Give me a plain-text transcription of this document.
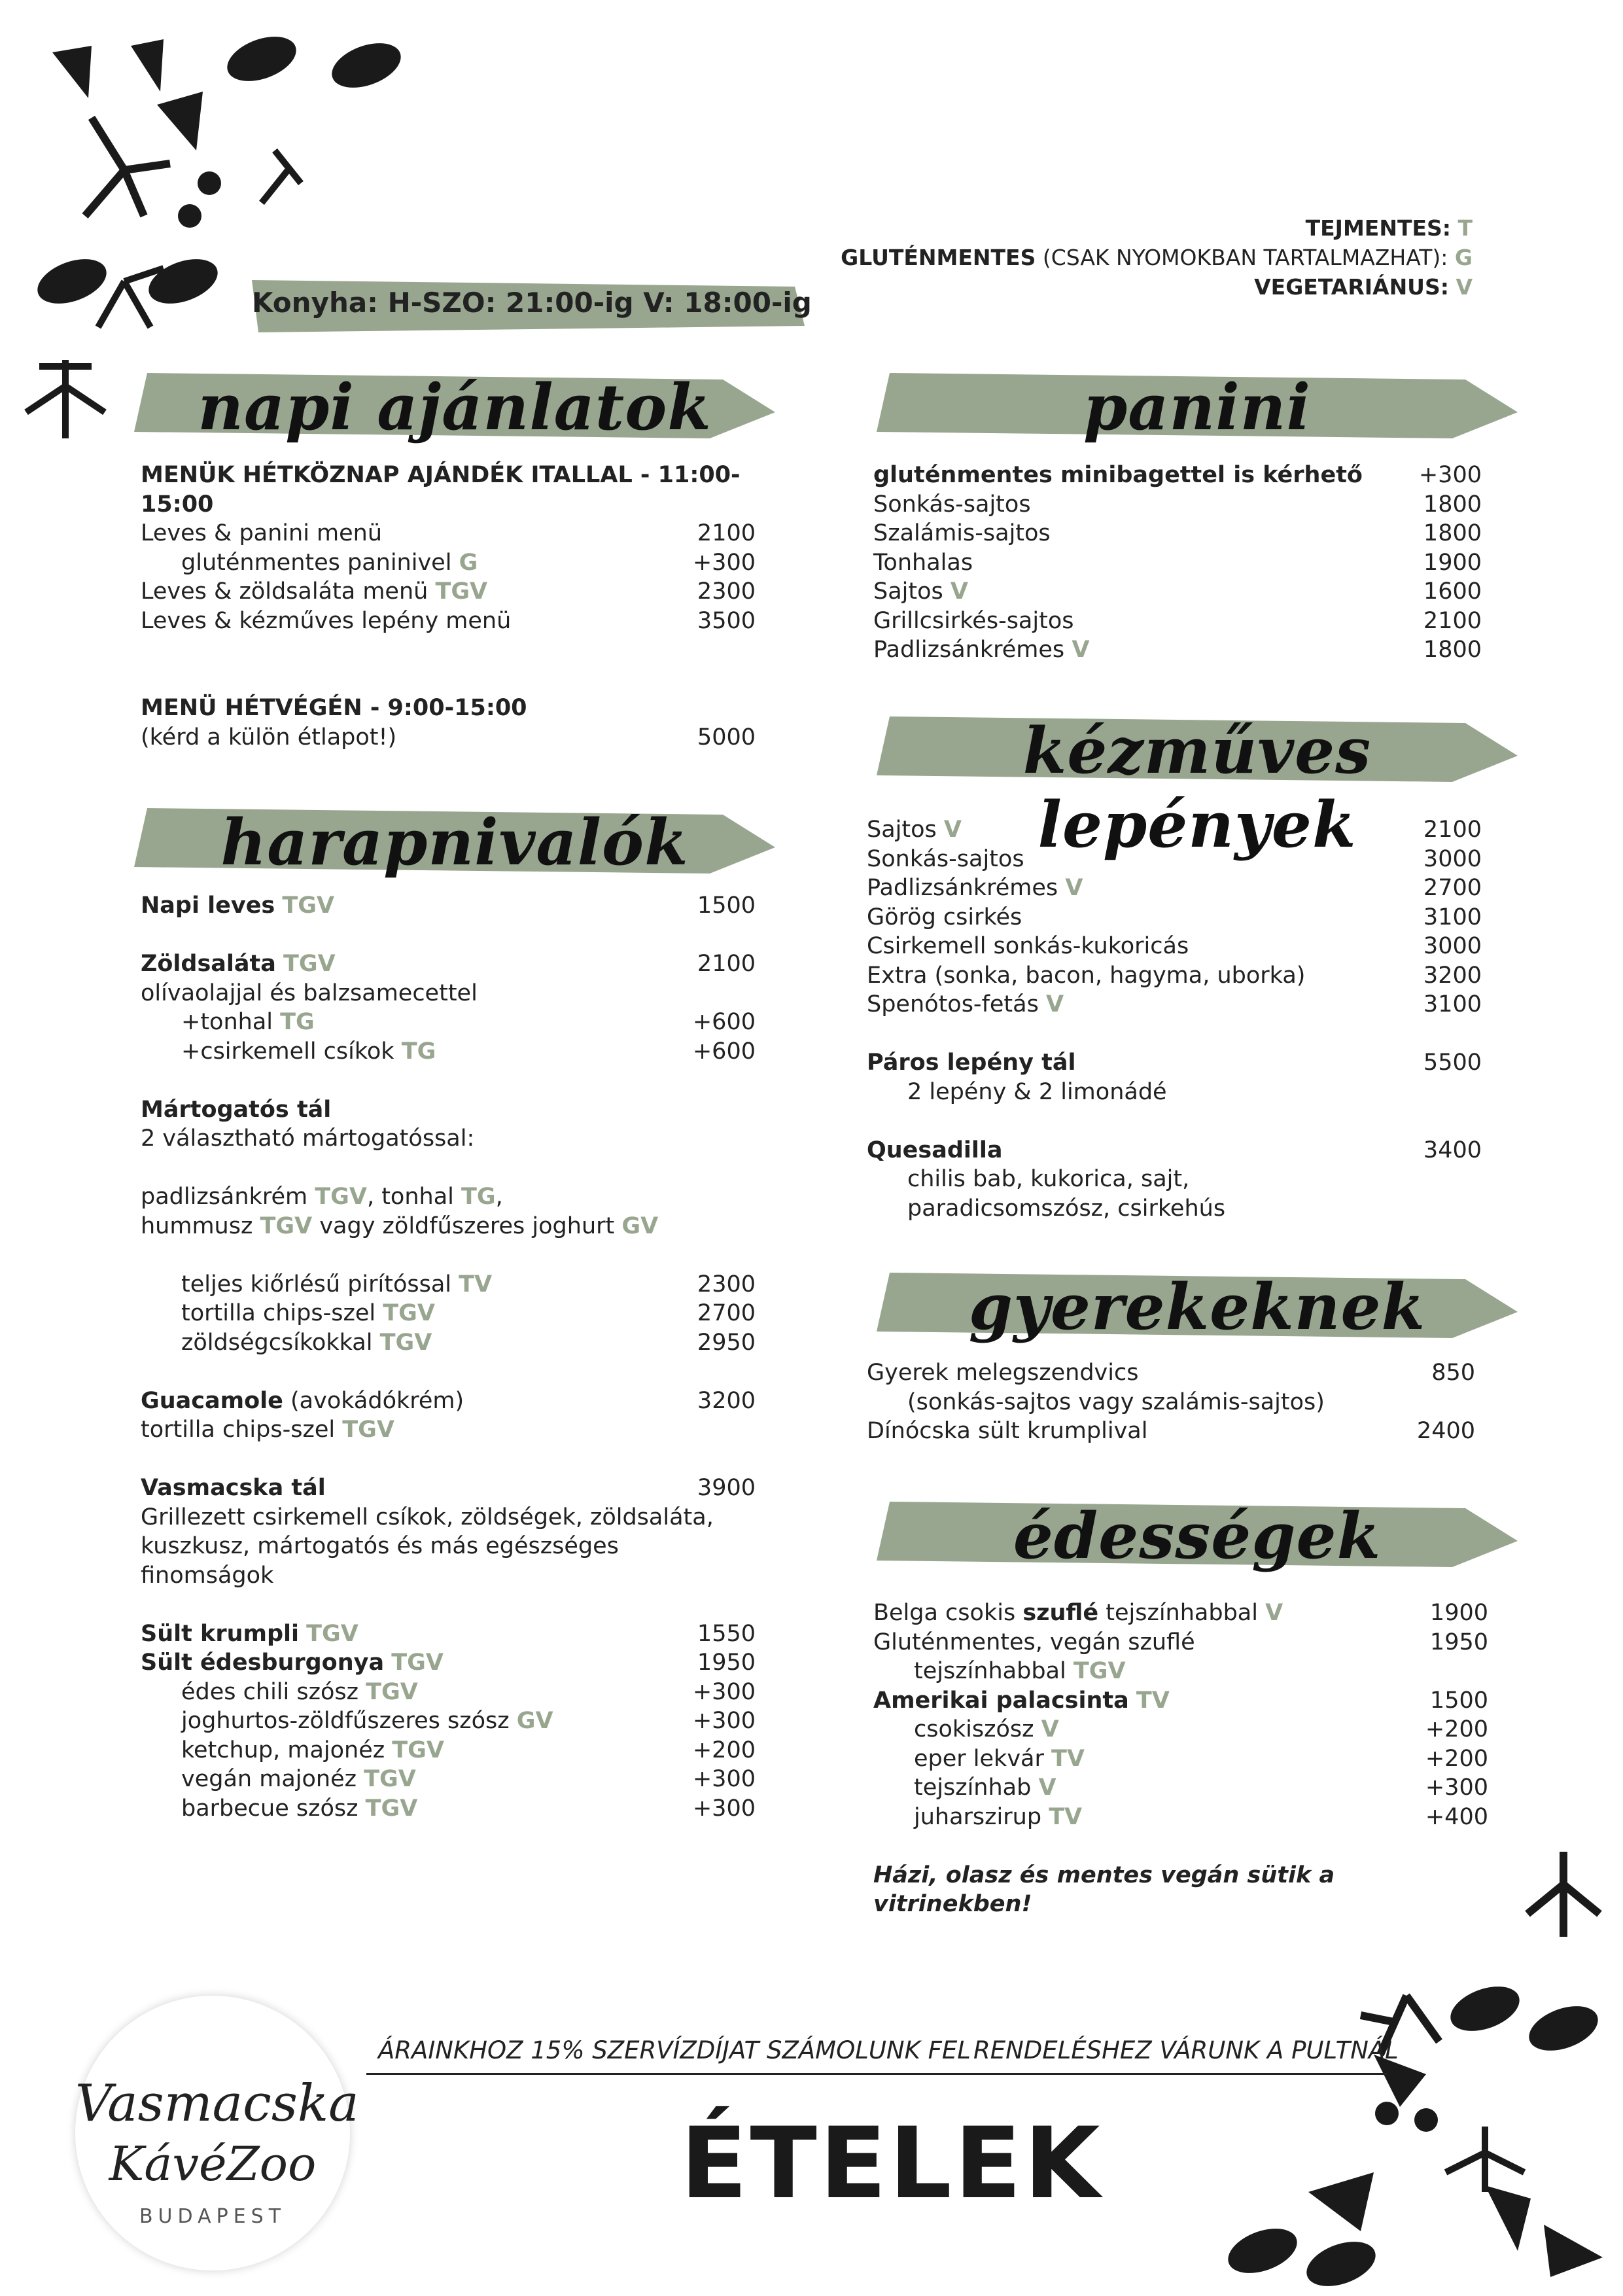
TEJMENTES: T
GLUTÉNMENTES (CSAK NYOMOKBAN TARTALMAZHAT): G
VEGETARIÁNUS: V
Konyha: H-SZO: 21:00-ig V: 18:00-ig
napi ajánlatok
harapnivalók
panini
kézműves lepények
gyerekeknek
édességek
MENÜK HÉTKÖZNAP AJÁNDÉK ITALLAL - 11:00-15:00
Leves & panini menü	2100
gluténmentes paninivel G	+300
Leves & zöldsaláta menü TGV	2300
Leves & kézműves lepény menü	3500
MENÜ HÉTVÉGÉN - 9:00-15:00
(kérd a külön étlapot!)	5000
Napi leves TGV	1500
Zöldsaláta TGV	2100
olívaolajjal és balzsamecettel
+tonhal TG	+600
+csirkemell csíkok TG	+600
Mártogatós tál
2 választható mártogatóssal:
padlizsánkrém TGV, tonhal TG,
hummusz TGV vagy zöldfűszeres joghurt GV
teljes kiőrlésű pirítóssal TV	2300
tortilla chips-szel TGV	2700
zöldségcsíkokkal TGV	2950
Guacamole (avokádókrém)	3200
tortilla chips-szel TGV
Vasmacska tál	3900
Grillezett csirkemell csíkok, zöldségek, zöldsaláta,
kuszkusz, mártogatós és más egészséges
finomságok
Sült krumpli TGV	1550
Sült édesburgonya TGV	1950
édes chili szósz TGV	+300
joghurtos-zöldfűszeres szósz GV	+300
ketchup, majonéz TGV	+200
vegán majonéz TGV	+300
barbecue szósz TGV	+300
gluténmentes minibagettel is kérhető +300
Sonkás-sajtos	1800
Szalámis-sajtos	1800
Tonhalas	1900
Sajtos V	1600
Grillcsirkés-sajtos	2100
Padlizsánkrémes V	1800
Sajtos V	2100
Sonkás-sajtos	3000
Padlizsánkrémes V	2700
Görög csirkés	3100
Csirkemell sonkás-kukoricás	3000
Extra (sonka, bacon, hagyma, uborka)	3200
Spenótos-fetás V	3100
Páros lepény tál	5500
2 lepény & 2 limonádé
Quesadilla	3400
chilis bab, kukorica, sajt,
paradicsomszósz, csirkehús
Gyerek melegszendvics	850
(sonkás-sajtos vagy szalámis-sajtos)
Dínócska sült krumplival	2400
Belga csokis szuflé tejszínhabbal V	1900
Gluténmentes, vegán szuflé	1950
tejszínhabbal TGV
Amerikai palacsinta TV	1500
csokiszósz V	+200
eper lekvár TV	+200
tejszínhab V	+300
juharszirup TV	+400
Házi, olasz és mentes vegán sütik a vitrinekben!
ÁRAINKHOZ 15% SZERVÍZDÍJAT SZÁMOLUNK FEL RENDELÉSHEZ VÁRUNK A PULTNÁL
ÉTELEK
Vasmacska
KávéZoo
BUDAPEST
